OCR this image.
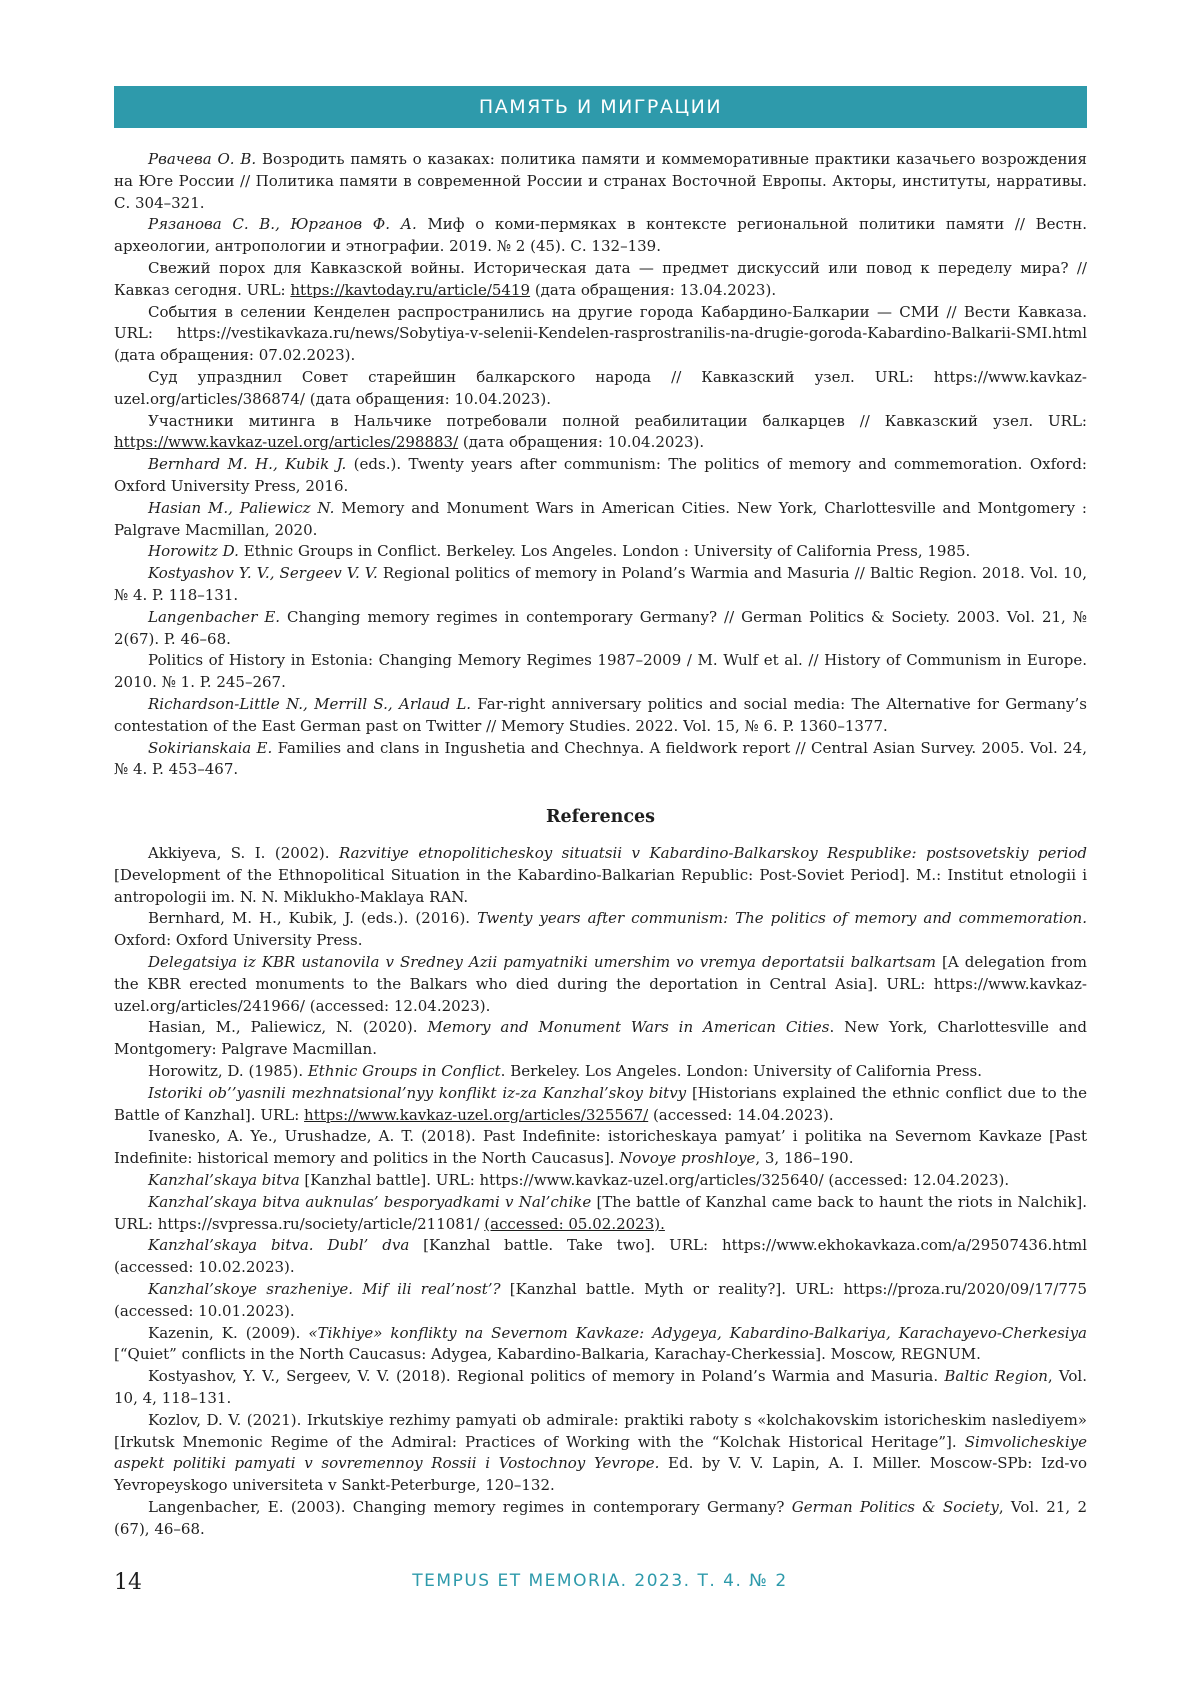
ПАМЯТЬ И МИГРАЦИИ

Рвачева О. В. Возродить память о казаках: политика памяти и коммеморативные практики казачьего возрождения на Юге России // Политика памяти в современной России и странах Восточной Европы. Акторы, институты, нарративы. С. 304–321.

Рязанова С. В., Юрганов Ф. А. Миф о коми-пермяках в контексте региональной политики памяти // Вестн. археологии, антропологии и этнографии. 2019. № 2 (45). С. 132–139.

Свежий порох для Кавказской войны. Историческая дата — предмет дискуссий или повод к переделу мира? // Кавказ сегодня. URL: https://kavtoday.ru/article/5419 (дата обращения: 13.04.2023).

События в селении Кенделен распространились на другие города Кабардино-Балкарии — СМИ // Вести Кавказа. URL: https://vestikavkaza.ru/news/Sobytiya-v-selenii-Kendelen-rasprostranilis-na-drugie-goroda-Kabardino-Balkarii-SMI.html (дата обращения: 07.02.2023).

Суд упразднил Совет старейшин балкарского народа // Кавказский узел. URL: https://www.kavkaz-uzel.org/articles/386874/ (дата обращения: 10.04.2023).

Участники митинга в Нальчике потребовали полной реабилитации балкарцев // Кавказский узел. URL: https://www.kavkaz-uzel.org/articles/298883/ (дата обращения: 10.04.2023).

Bernhard M. H., Kubik J. (eds.). Twenty years after communism: The politics of memory and commemoration. Oxford: Oxford University Press, 2016.

Hasian M., Paliewicz N. Memory and Monument Wars in American Cities. New York, Charlottesville and Montgomery : Palgrave Macmillan, 2020.

Horowitz D. Ethnic Groups in Conflict. Berkeley. Los Angeles. London : University of California Press, 1985.

Kostyashov Y. V., Sergeev V. V. Regional politics of memory in Poland’s Warmia and Masuria // Baltic Region. 2018. Vol. 10, № 4. P. 118–131.

Langenbacher E. Changing memory regimes in contemporary Germany? // German Politics & Society. 2003. Vol. 21, № 2(67). P. 46–68.

Politics of History in Estonia: Changing Memory Regimes 1987–2009 / M. Wulf et al. // History of Communism in Europe. 2010. № 1. P. 245–267.

Richardson-Little N., Merrill S., Arlaud L. Far-right anniversary politics and social media: The Alternative for Germany’s contestation of the East German past on Twitter // Memory Studies. 2022. Vol. 15, № 6. P. 1360–1377.

Sokirianskaia E. Families and clans in Ingushetia and Chechnya. A fieldwork report // Central Asian Survey. 2005. Vol. 24, № 4. P. 453–467.

References

Akkiyeva, S. I. (2002). Razvitiye etnopoliticheskoy situatsii v Kabardino-Balkarskoy Respublike: postsovetskiy period [Development of the Ethnopolitical Situation in the Kabardino-Balkarian Republic: Post-Soviet Period]. M.: Institut etnologii i antropologii im. N. N. Miklukho-Maklaya RAN.

Bernhard, M. H., Kubik, J. (eds.). (2016). Twenty years after communism: The politics of memory and commemoration. Oxford: Oxford University Press.

Delegatsiya iz KBR ustanovila v Sredney Azii pamyatniki umershim vo vremya deportatsii balkartsam [A delegation from the KBR erected monuments to the Balkars who died during the deportation in Central Asia]. URL: https://www.kavkaz-uzel.org/articles/241966/ (accessed: 12.04.2023).

Hasian, M., Paliewicz, N. (2020). Memory and Monument Wars in American Cities. New York, Charlottesville and Montgomery: Palgrave Macmillan.

Horowitz, D. (1985). Ethnic Groups in Conflict. Berkeley. Los Angeles. London: University of California Press.

Istoriki ob’’yasnili mezhnatsional’nyy konflikt iz-za Kanzhal’skoy bitvy [Historians explained the ethnic conflict due to the Battle of Kanzhal]. URL: https://www.kavkaz-uzel.org/articles/325567/ (accessed: 14.04.2023).

Ivanesko, A. Ye., Urushadze, A. T. (2018). Past Indefinite: istoricheskaya pamyat’ i politika na Severnom Kavkaze [Past Indefinite: historical memory and politics in the North Caucasus]. Novoye proshloye, 3, 186–190.

Kanzhal’skaya bitva [Kanzhal battle]. URL: https://www.kavkaz-uzel.org/articles/325640/ (accessed: 12.04.2023).

Kanzhal’skaya bitva auknulas’ besporyadkami v Nal’chike [The battle of Kanzhal came back to haunt the riots in Nalchik]. URL: https://svpressa.ru/society/article/211081/ (accessed: 05.02.2023).

Kanzhal’skaya bitva. Dubl’ dva [Kanzhal battle. Take two]. URL: https://www.ekhokavkaza.com/a/29507436.html (accessed: 10.02.2023).

Kanzhal’skoye srazheniye. Mif ili real’nost’? [Kanzhal battle. Myth or reality?]. URL: https://proza.ru/2020/09/17/775 (accessed: 10.01.2023).

Kazenin, K. (2009). «Tikhiye» konflikty na Severnom Kavkaze: Adygeya, Kabardino-Balkariya, Karachayevo-Cherkesiya [“Quiet” conflicts in the North Caucasus: Adygea, Kabardino-Balkaria, Karachay-Cherkessia]. Moscow, REGNUM.

Kostyashov, Y. V., Sergeev, V. V. (2018). Regional politics of memory in Poland’s Warmia and Masuria. Baltic Region, Vol. 10, 4, 118–131.

Kozlov, D. V. (2021). Irkutskiye rezhimy pamyati ob admirale: praktiki raboty s «kolchakovskim istoricheskim naslediyem» [Irkutsk Mnemonic Regime of the Admiral: Practices of Working with the “Kolchak Historical Heritage”]. Simvolicheskiye aspekt politiki pamyati v sovremennoy Rossii i Vostochnoy Yevrope. Ed. by V. V. Lapin, A. I. Miller. Moscow-SPb: Izd-vo Yevropeyskogo universiteta v Sankt-Peterburge, 120–132.

Langenbacher, E. (2003). Changing memory regimes in contemporary Germany? German Politics & Society, Vol. 21, 2 (67), 46–68.

14	TEMPUS ET MEMORIA. 2023. Т. 4. № 2
